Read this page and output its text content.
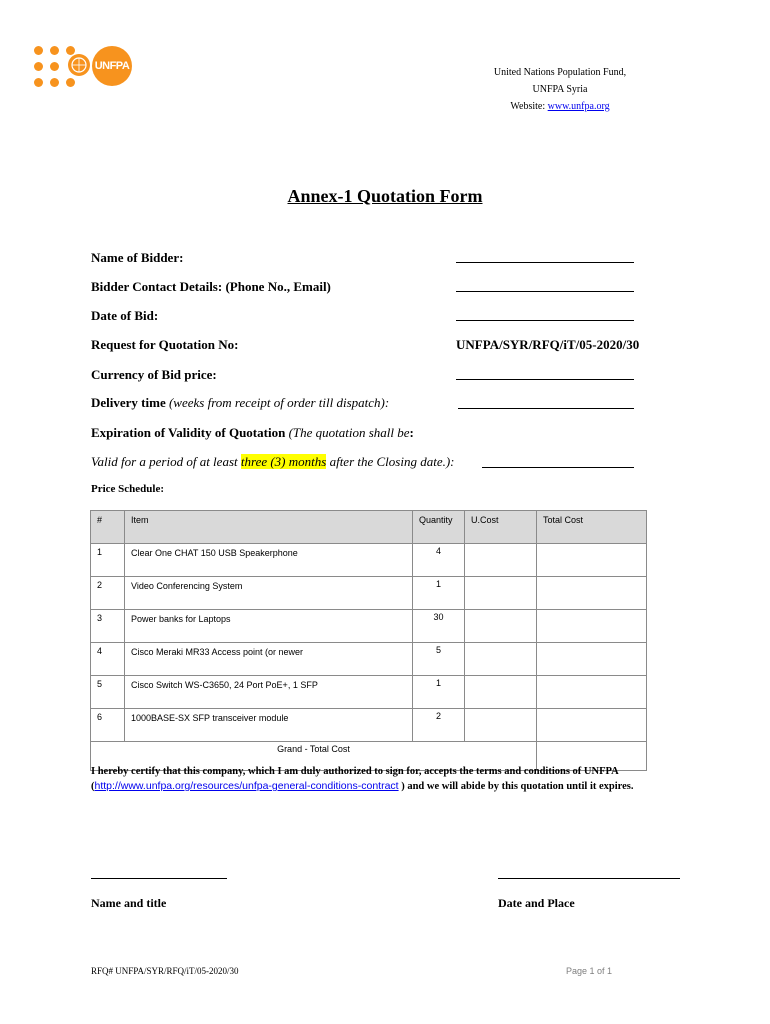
UNFPA
United Nations Population Fund,
UNFPA Syria
Website: www.unfpa.org
Annex-1 Quotation Form
Name of Bidder:
Bidder Contact Details: (Phone No., Email)
Date of Bid:
Request for Quotation No:	UNFPA/SYR/RFQ/iT/05-2020/30
Currency of Bid price:
Delivery time (weeks from receipt of order till dispatch):
Expiration of Validity of Quotation (The quotation shall be:
Valid for a period of at least three (3) months after the Closing date.):
Price Schedule:
#	Item	Quantity	U.Cost	Total Cost
1	Clear One CHAT 150 USB Speakerphone	4		
2	Video Conferencing System	1		
3	Power banks for Laptops	30		
4	Cisco Meraki MR33 Access point (or newer	5		
5	Cisco Switch WS-C3650, 24 Port PoE+, 1 SFP	1		
6	1000BASE-SX SFP transceiver module	2		
Grand - Total Cost				
I hereby certify that this company, which I am duly authorized to sign for, accepts the terms and conditions of UNFPA (http://www.unfpa.org/resources/unfpa-general-conditions-contract ) and we will abide by this quotation until it expires.
Name and title	Date and Place
RFQ# UNFPA/SYR/RFQ/iT/05-2020/30	Page 1 of 1
